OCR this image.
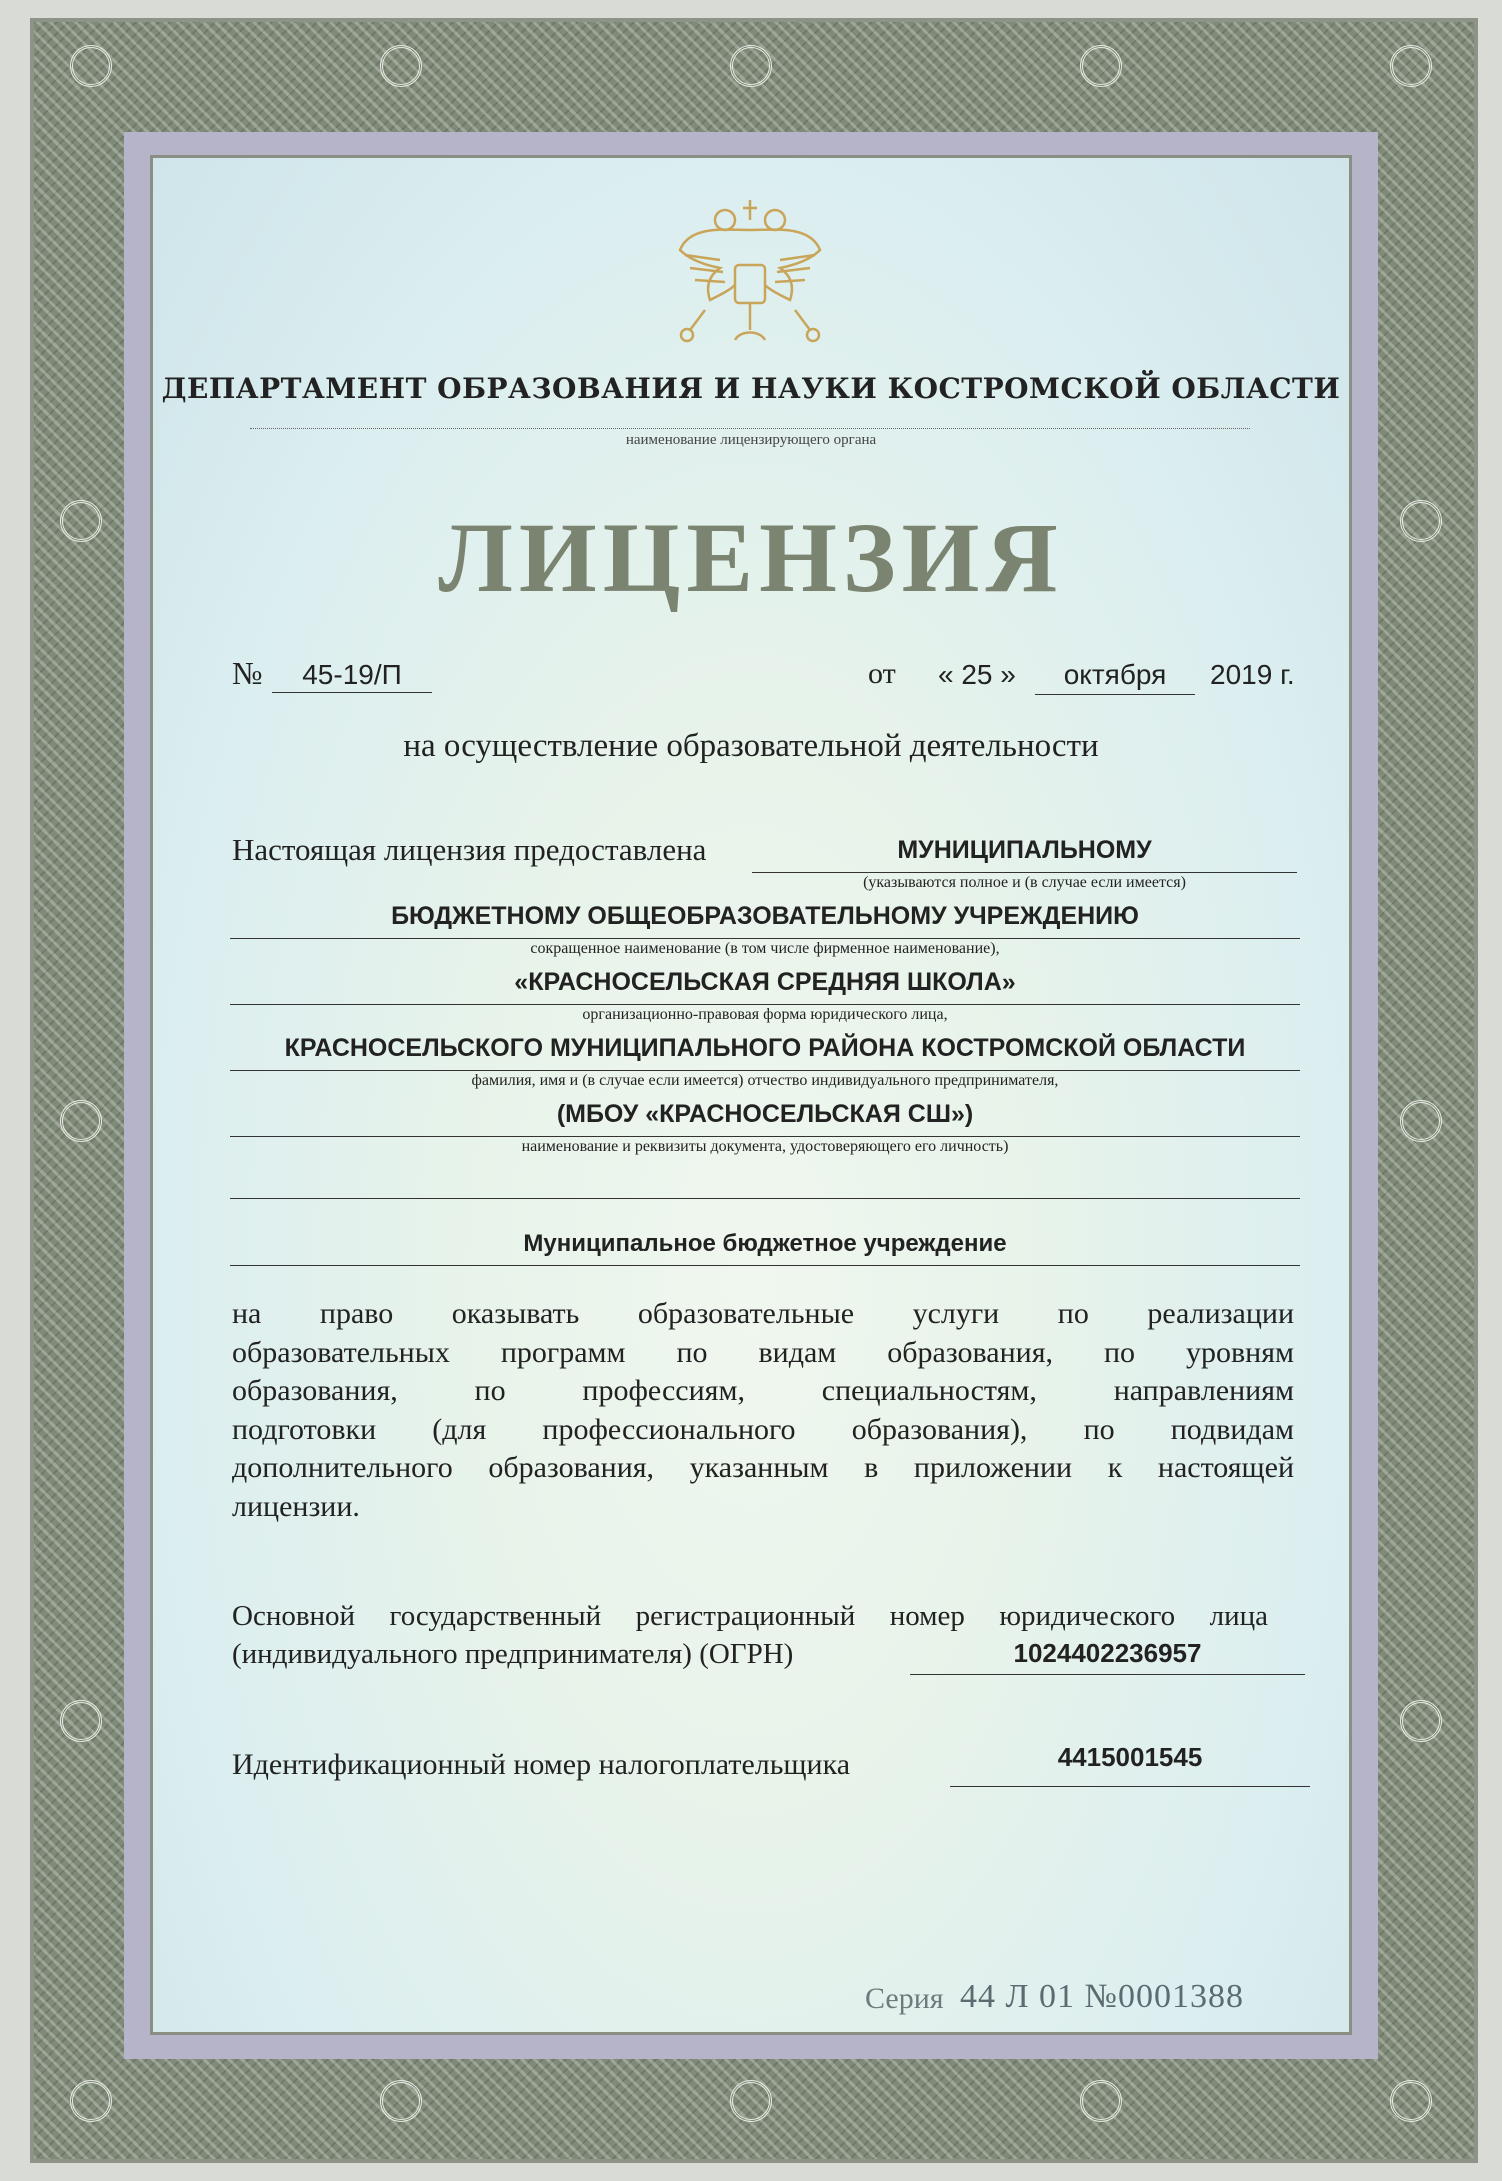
ДЕПАРТАМЕНТ ОБРАЗОВАНИЯ И НАУКИ КОСТРОМСКОЙ ОБЛАСТИ
наименование лицензирующего органа
ЛИЦЕНЗИЯ
№	45-19/П	от « 25 »	октября	2019 г.
на осуществление образовательной деятельности
Настоящая лицензия предоставлена	МУНИЦИПАЛЬНОМУ
(указываются полное и (в случае если имеется)
БЮДЖЕТНОМУ ОБЩЕОБРАЗОВАТЕЛЬНОМУ УЧРЕЖДЕНИЮ
сокращенное наименование (в том числе фирменное наименование),
«КРАСНОСЕЛЬСКАЯ СРЕДНЯЯ ШКОЛА»
организационно-правовая форма юридического лица,
КРАСНОСЕЛЬСКОГО МУНИЦИПАЛЬНОГО РАЙОНА КОСТРОМСКОЙ ОБЛАСТИ
фамилия, имя и (в случае если имеется) отчество индивидуального предпринимателя,
(МБОУ «КРАСНОСЕЛЬСКАЯ СШ»)
наименование и реквизиты документа, удостоверяющего его личность)
Муниципальное бюджетное учреждение
на право оказывать образовательные услуги по реализации
образовательных программ по видам образования, по уровням
образования, по профессиям, специальностям, направлениям
подготовки (для профессионального образования), по подвидам
дополнительного образования, указанным в приложении к настоящей
лицензии.
Основной государственный регистрационный номер юридического лица
(индивидуального предпринимателя) (ОГРН)	1024402236957
Идентификационный номер налогоплательщика	4415001545
Серия 44 Л 01 №0001388
